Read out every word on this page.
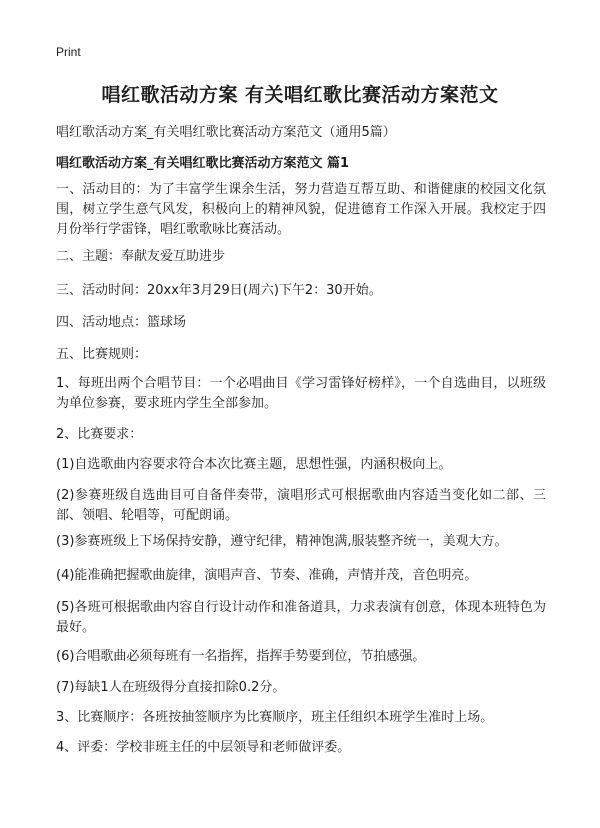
Print
唱红歌活动方案 有关唱红歌比赛活动方案范文
唱红歌活动方案_有关唱红歌比赛活动方案范文（通用5篇）
唱红歌活动方案_有关唱红歌比赛活动方案范文 篇1
一、活动目的：为了丰富学生课余生活，努力营造互帮互助、和谐健康的校园文化氛围，树立学生意气风发，积极向上的精神风貌，促进德育工作深入开展。我校定于四月份举行学雷锋，唱红歌歌咏比赛活动。
二、主题：奉献友爱互助进步
三、活动时间：20xx年3月29日(周六)下午2：30开始。
四、活动地点：篮球场
五、比赛规则：
1、每班出两个合唱节目：一个必唱曲目《学习雷锋好榜样》，一个自选曲目，以班级为单位参赛，要求班内学生全部参加。
2、比赛要求：
(1)自选歌曲内容要求符合本次比赛主题，思想性强，内涵积极向上。
(2)参赛班级自选曲目可自备伴奏带，演唱形式可根据歌曲内容适当变化如二部、三部、领唱、轮唱等，可配朗诵。
(3)参赛班级上下场保持安静，遵守纪律，精神饱满,服装整齐统一，美观大方。
(4)能准确把握歌曲旋律，演唱声音、节奏、准确，声情并茂，音色明亮。
(5)各班可根据歌曲内容自行设计动作和准备道具，力求表演有创意，体现本班特色为最好。
(6)合唱歌曲必须每班有一名指挥，指挥手势要到位，节拍感强。
(7)每缺1人在班级得分直接扣除0.2分。
3、比赛顺序：各班按抽签顺序为比赛顺序，班主任组织本班学生准时上场。
4、评委：学校非班主任的中层领导和老师做评委。
